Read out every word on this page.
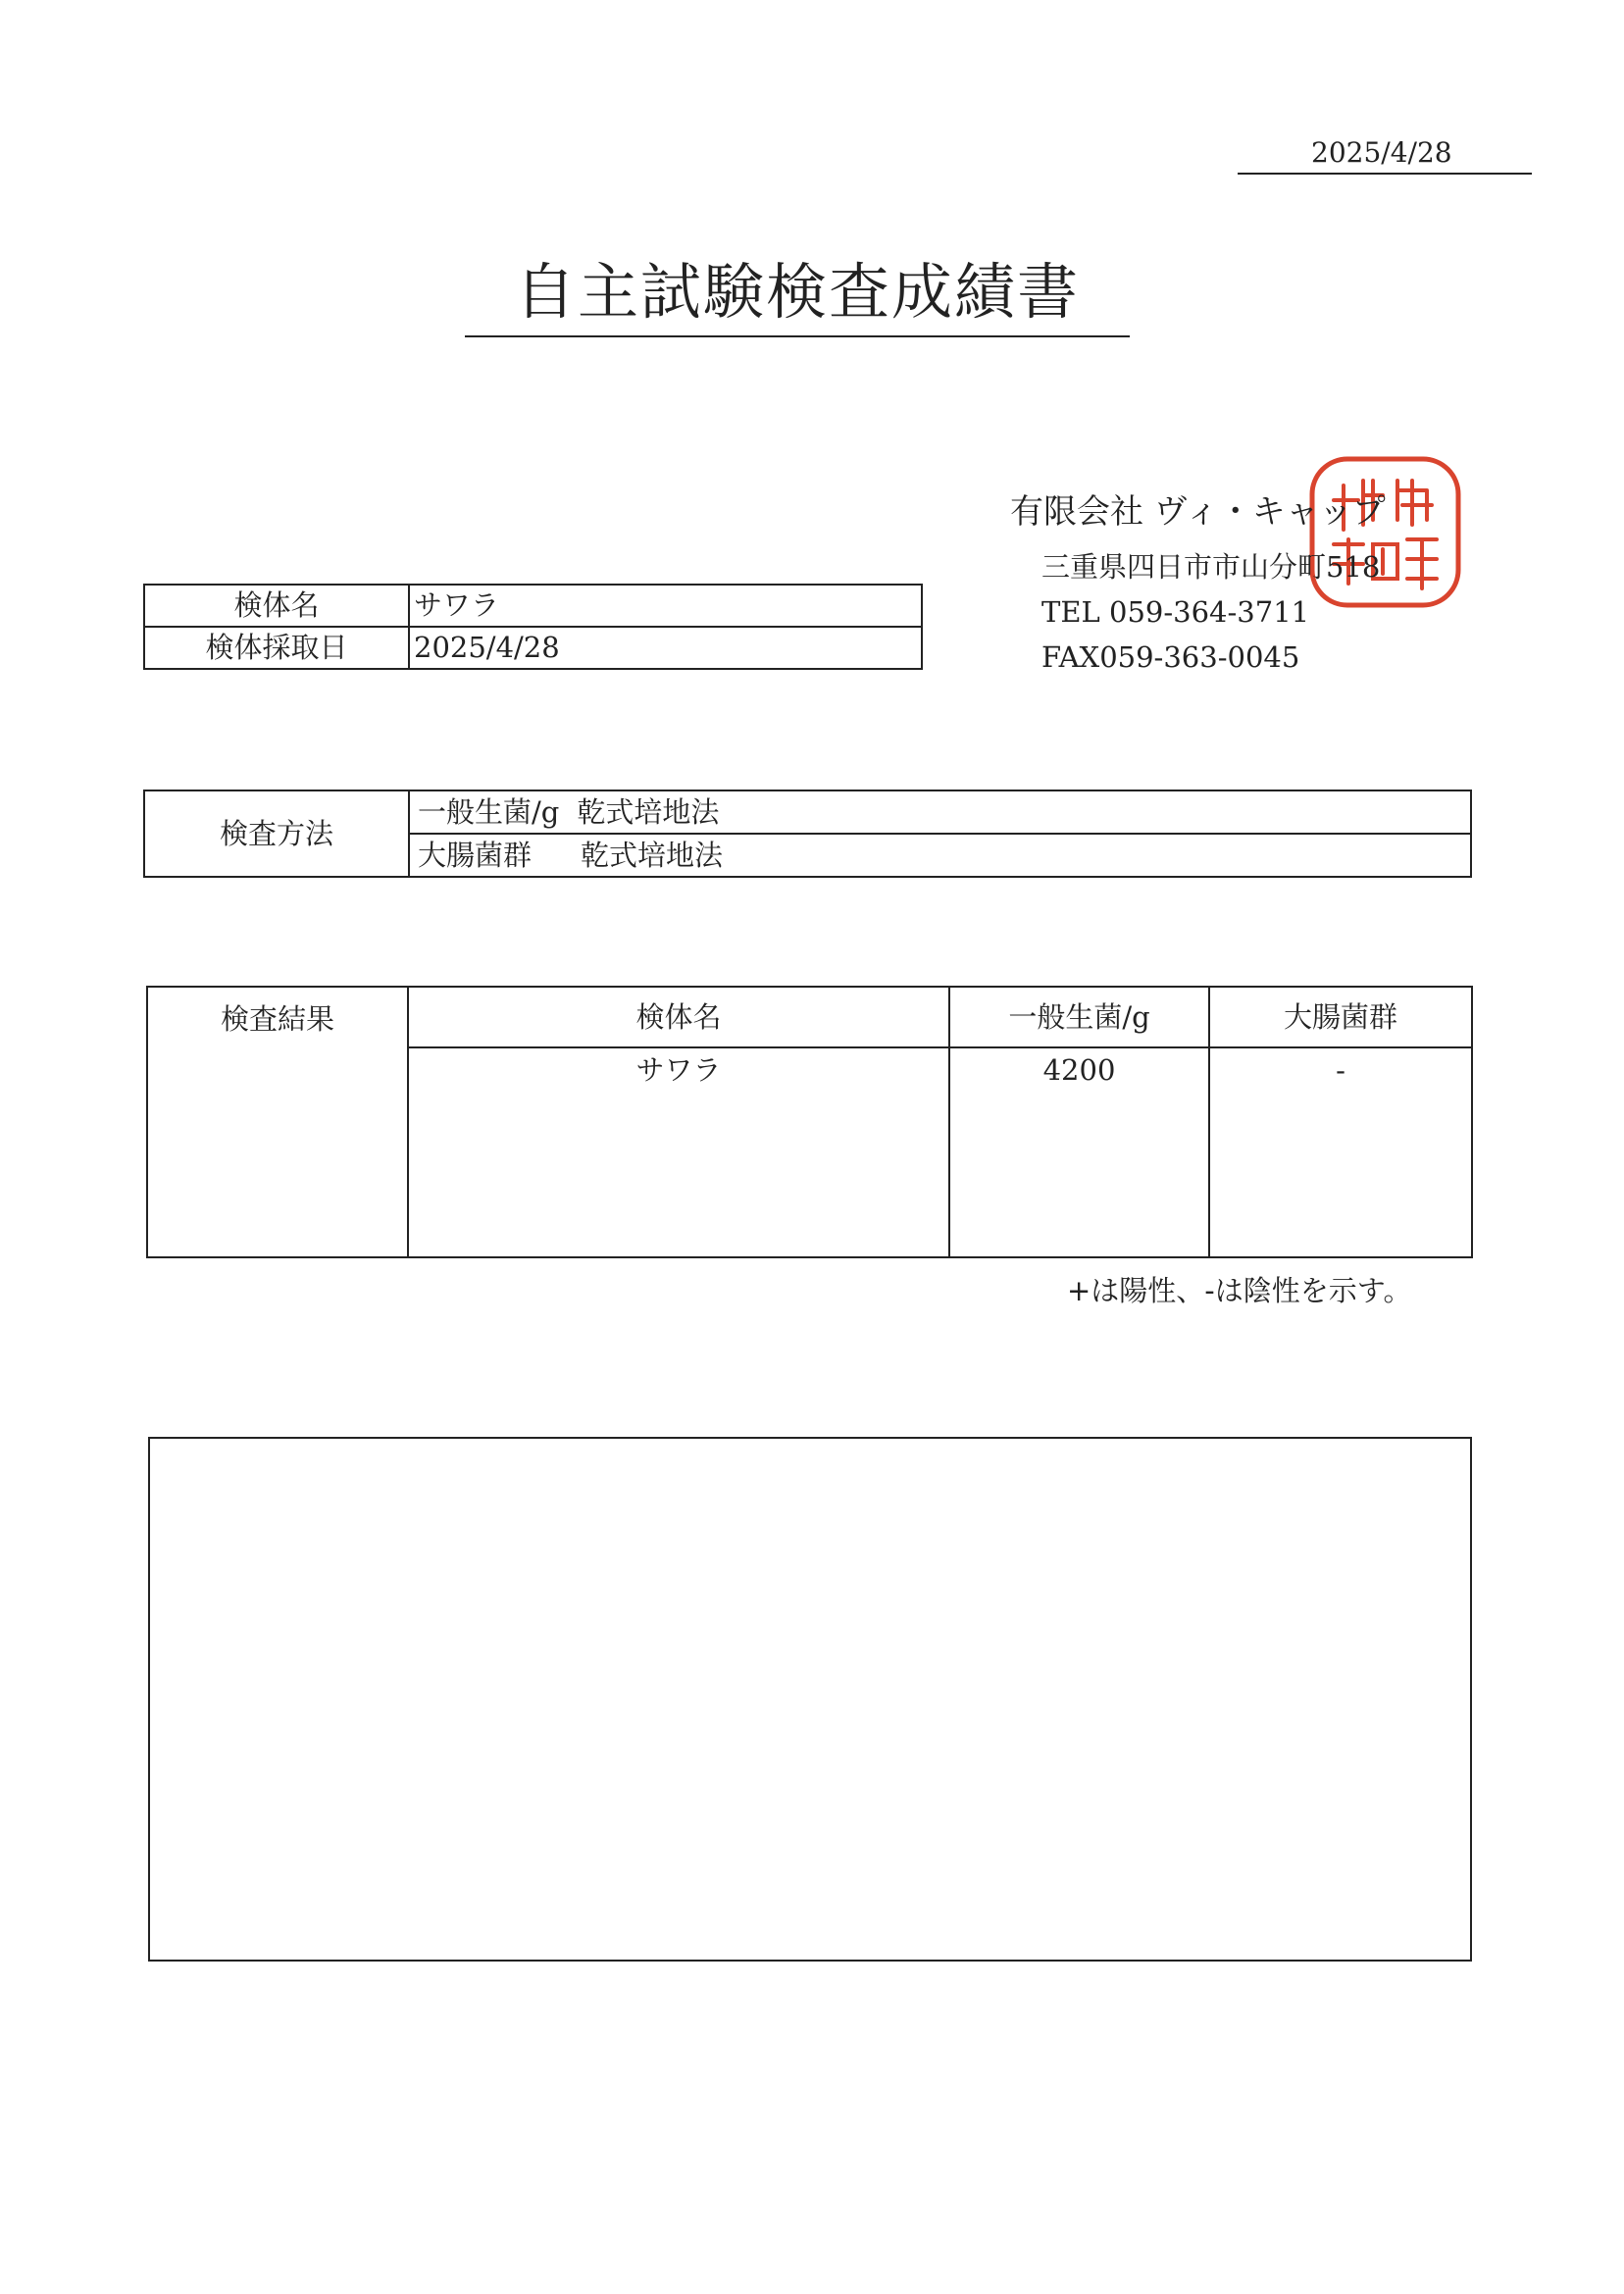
2025/4/28
自主試験検査成績書
有限会社 ヴィ・キャップ
三重県四日市市山分町518
TEL 059-364-3711
FAX059-363-0045
検体名	サワラ
検体採取日	2025/4/28
検査方法	一般生菌/g 乾式培地法
大腸菌群 乾式培地法
検査結果	検体名	一般生菌/g	大腸菌群
	サワラ	4200	-
+は陽性、-は陰性を示す。
